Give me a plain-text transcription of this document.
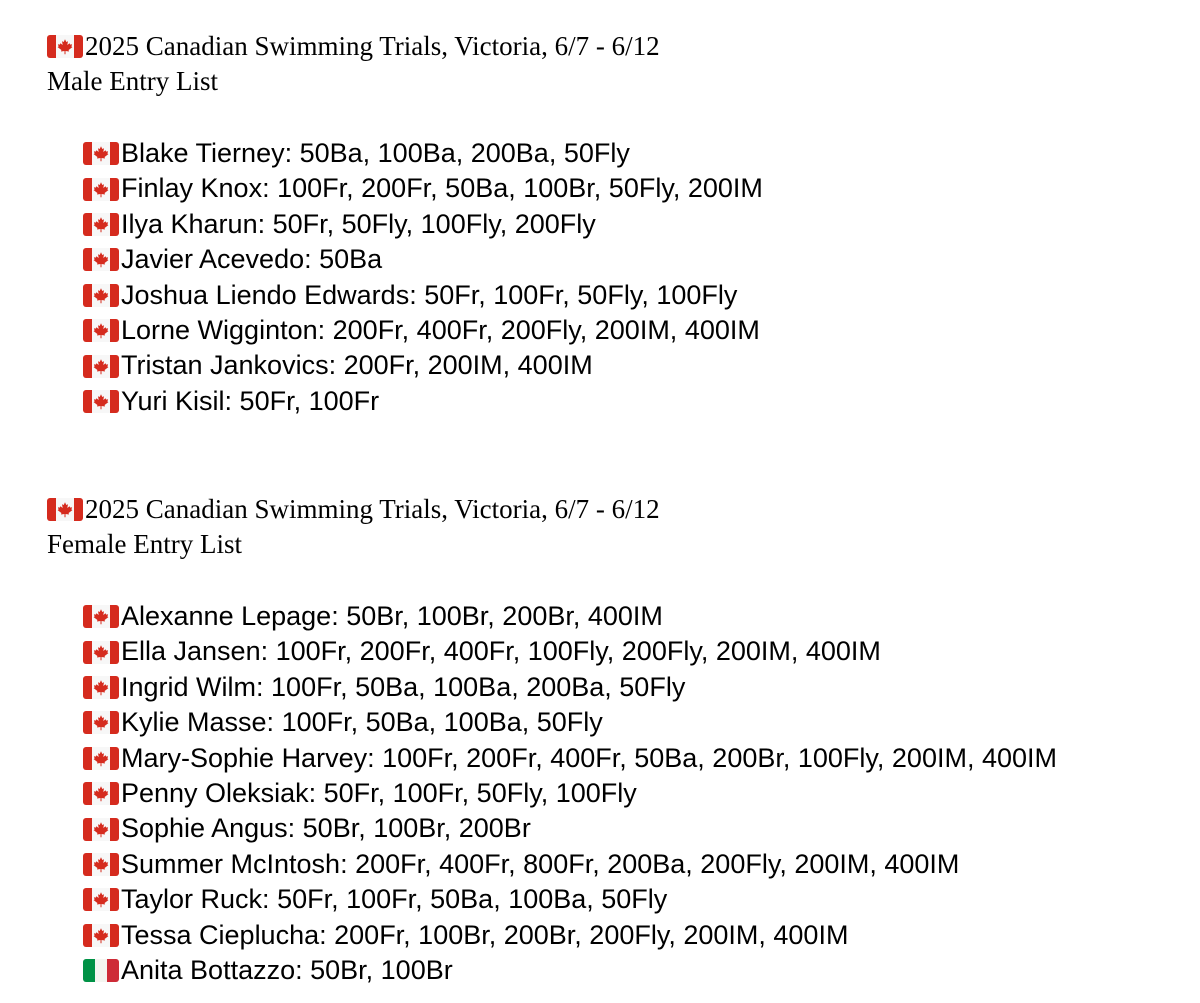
2025 Canadian Swimming Trials, Victoria, 6/7 - 6/12
Male Entry List
Blake Tierney: 50Ba, 100Ba, 200Ba, 50Fly
Finlay Knox: 100Fr, 200Fr, 50Ba, 100Br, 50Fly, 200IM
Ilya Kharun: 50Fr, 50Fly, 100Fly, 200Fly
Javier Acevedo: 50Ba
Joshua Liendo Edwards: 50Fr, 100Fr, 50Fly, 100Fly
Lorne Wigginton: 200Fr, 400Fr, 200Fly, 200IM, 400IM
Tristan Jankovics: 200Fr, 200IM, 400IM
Yuri Kisil: 50Fr, 100Fr
2025 Canadian Swimming Trials, Victoria, 6/7 - 6/12
Female Entry List
Alexanne Lepage: 50Br, 100Br, 200Br, 400IM
Ella Jansen: 100Fr, 200Fr, 400Fr, 100Fly, 200Fly, 200IM, 400IM
Ingrid Wilm: 100Fr, 50Ba, 100Ba, 200Ba, 50Fly
Kylie Masse: 100Fr, 50Ba, 100Ba, 50Fly
Mary-Sophie Harvey: 100Fr, 200Fr, 400Fr, 50Ba, 200Br, 100Fly, 200IM, 400IM
Penny Oleksiak: 50Fr, 100Fr, 50Fly, 100Fly
Sophie Angus: 50Br, 100Br, 200Br
Summer McIntosh: 200Fr, 400Fr, 800Fr, 200Ba, 200Fly, 200IM, 400IM
Taylor Ruck: 50Fr, 100Fr, 50Ba, 100Ba, 50Fly
Tessa Cieplucha: 200Fr, 100Br, 200Br, 200Fly, 200IM, 400IM
Anita Bottazzo: 50Br, 100Br
